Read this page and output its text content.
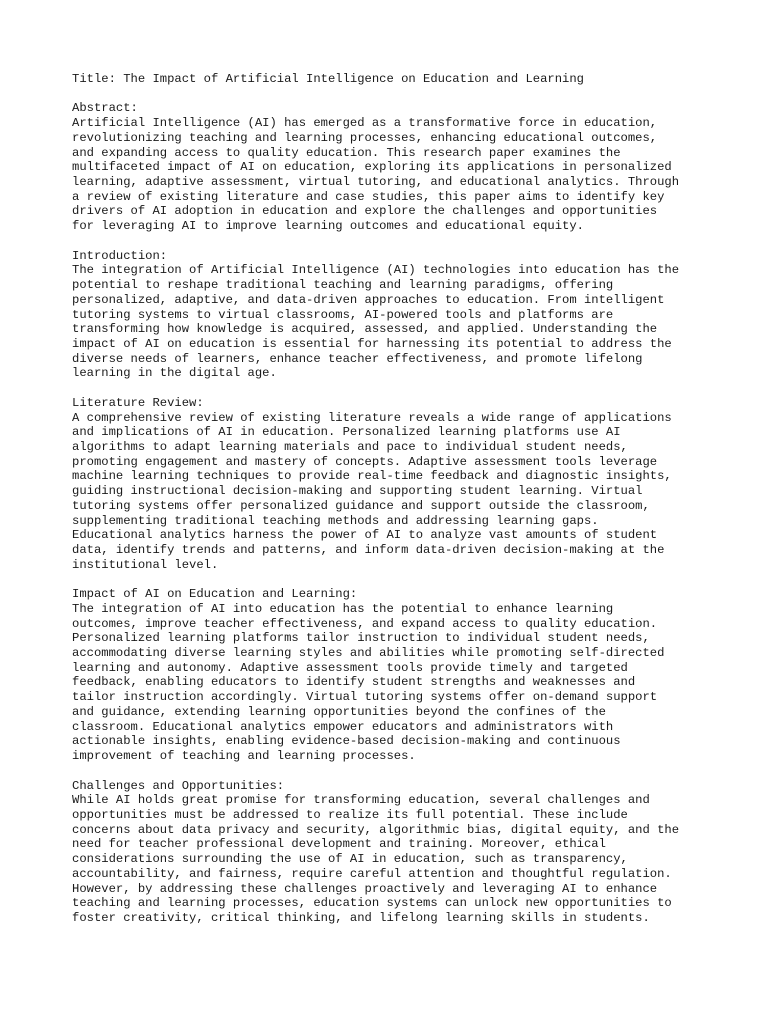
Title: The Impact of Artificial Intelligence on Education and Learning
Abstract:
Artificial Intelligence (AI) has emerged as a transformative force in education,
revolutionizing teaching and learning processes, enhancing educational outcomes,
and expanding access to quality education. This research paper examines the
multifaceted impact of AI on education, exploring its applications in personalized
learning, adaptive assessment, virtual tutoring, and educational analytics. Through
a review of existing literature and case studies, this paper aims to identify key
drivers of AI adoption in education and explore the challenges and opportunities
for leveraging AI to improve learning outcomes and educational equity.
Introduction:
The integration of Artificial Intelligence (AI) technologies into education has the
potential to reshape traditional teaching and learning paradigms, offering
personalized, adaptive, and data-driven approaches to education. From intelligent
tutoring systems to virtual classrooms, AI-powered tools and platforms are
transforming how knowledge is acquired, assessed, and applied. Understanding the
impact of AI on education is essential for harnessing its potential to address the
diverse needs of learners, enhance teacher effectiveness, and promote lifelong
learning in the digital age.
Literature Review:
A comprehensive review of existing literature reveals a wide range of applications
and implications of AI in education. Personalized learning platforms use AI
algorithms to adapt learning materials and pace to individual student needs,
promoting engagement and mastery of concepts. Adaptive assessment tools leverage
machine learning techniques to provide real-time feedback and diagnostic insights,
guiding instructional decision-making and supporting student learning. Virtual
tutoring systems offer personalized guidance and support outside the classroom,
supplementing traditional teaching methods and addressing learning gaps.
Educational analytics harness the power of AI to analyze vast amounts of student
data, identify trends and patterns, and inform data-driven decision-making at the
institutional level.
Impact of AI on Education and Learning:
The integration of AI into education has the potential to enhance learning
outcomes, improve teacher effectiveness, and expand access to quality education.
Personalized learning platforms tailor instruction to individual student needs,
accommodating diverse learning styles and abilities while promoting self-directed
learning and autonomy. Adaptive assessment tools provide timely and targeted
feedback, enabling educators to identify student strengths and weaknesses and
tailor instruction accordingly. Virtual tutoring systems offer on-demand support
and guidance, extending learning opportunities beyond the confines of the
classroom. Educational analytics empower educators and administrators with
actionable insights, enabling evidence-based decision-making and continuous
improvement of teaching and learning processes.
Challenges and Opportunities:
While AI holds great promise for transforming education, several challenges and
opportunities must be addressed to realize its full potential. These include
concerns about data privacy and security, algorithmic bias, digital equity, and the
need for teacher professional development and training. Moreover, ethical
considerations surrounding the use of AI in education, such as transparency,
accountability, and fairness, require careful attention and thoughtful regulation.
However, by addressing these challenges proactively and leveraging AI to enhance
teaching and learning processes, education systems can unlock new opportunities to
foster creativity, critical thinking, and lifelong learning skills in students.
